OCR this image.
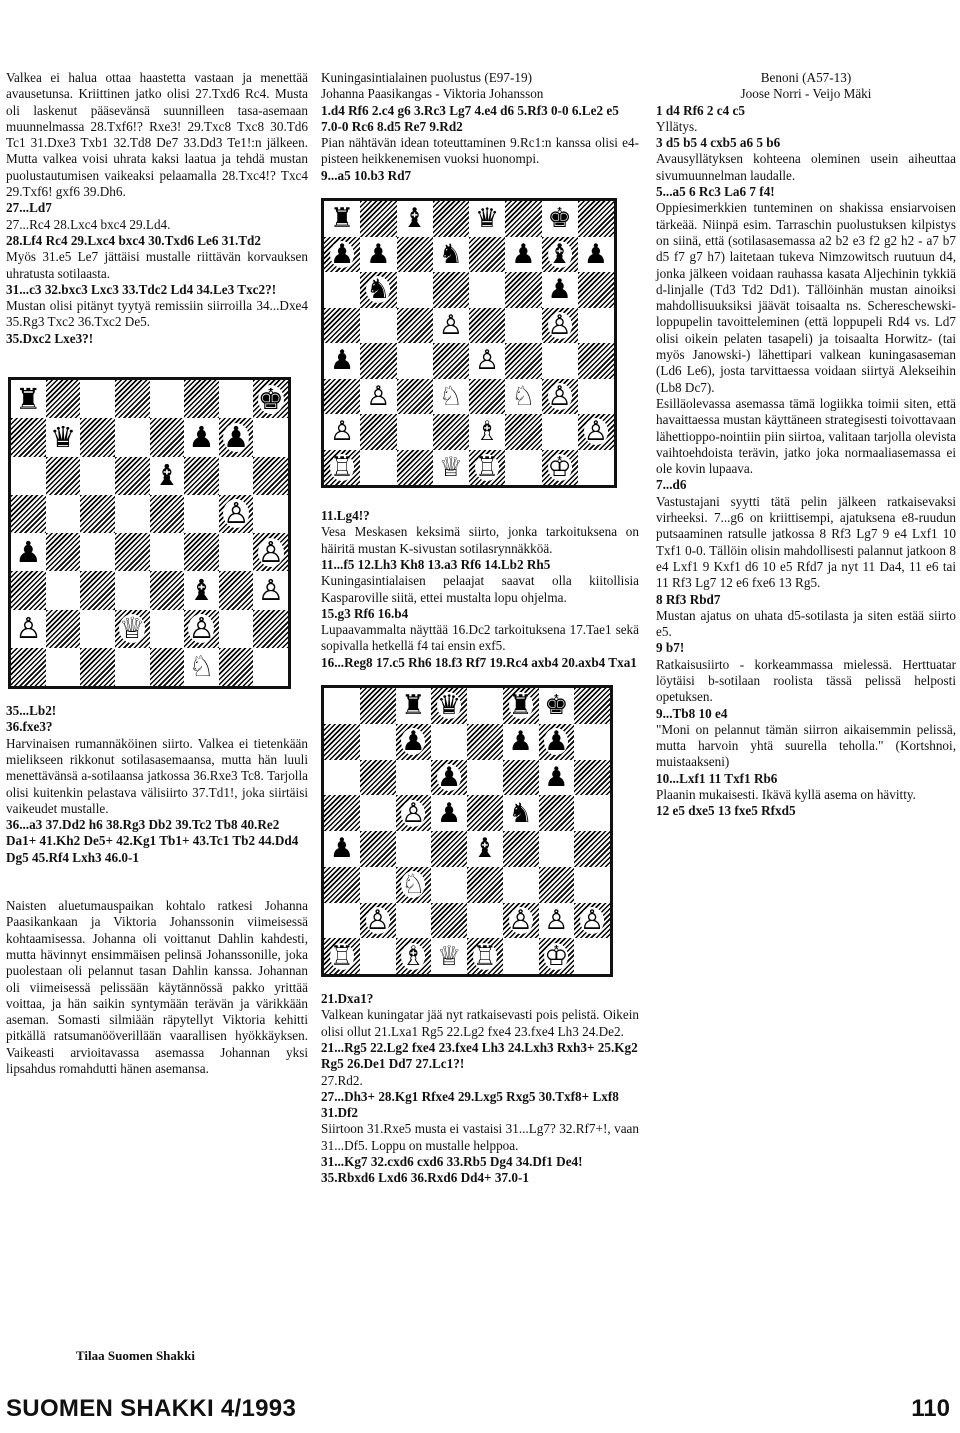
Valkea ei halua ottaa haastetta vastaan ja menettää avausetunsa. Kriittinen jatko olisi 27.Txd6 Rc4. Musta oli laskenut pääsevänsä suunnilleen tasa-asemaan muunnelmassa 28.Txf6!? Rxe3! 29.Txc8 Txc8 30.Td6 Tc1 31.Dxe3 Txb1 32.Td8 De7 33.Dd3 Te1!:n jälkeen. Mutta valkea voisi uhrata kaksi laatua ja tehdä mustan puolustautumisen vaikeaksi pelaamalla 28.Txc4!? Txc4 29.Txf6! gxf6 39.Dh6.

27...Ld7

27...Rc4 28.Lxc4 bxc4 29.Ld4.

28.Lf4 Rc4 29.Lxc4 bxc4 30.Txd6 Le6 31.Td2

Myös 31.e5 Le7 jättäisi mustalle riittävän korvauksen uhratusta sotilaasta.

31...c3 32.bxc3 Lxc3 33.Tdc2 Ld4 34.Le3 Txc2?!

Mustan olisi pitänyt tyytyä remissiin siirroilla 34...Dxe4 35.Rg3 Txc2 36.Txc2 De5.

35.Dxc2 Lxe3?!

♜	♚
♛	♟ ♟
♝
♙
♟	♙
♝ ♙
♙	♕ ♙
♘

35...Lb2!

36.fxe3?

Harvinaisen rumannäköinen siirto. Valkea ei tietenkään mielikseen rikkonut sotilasasemaansa, mutta hän luuli menettävänsä a-sotilaansa jatkossa 36.Rxe3 Tc8. Tarjolla olisi kuitenkin pelastava välisiirto 37.Td1!, joka siirtäisi vaikeudet mustalle.

36...a3 37.Dd2 h6 38.Rg3 Db2 39.Tc2 Tb8 40.Re2 Da1+ 41.Kh2 De5+ 42.Kg1 Tb1+ 43.Tc1 Tb2 44.Dd4 Dg5 45.Rf4 Lxh3 46.0-1

Naisten aluetumauspaikan kohtalo ratkesi Johanna Paasikankaan ja Viktoria Johanssonin viimeisessä kohtaamisessa. Johanna oli voittanut Dahlin kahdesti, mutta hävinnyt ensimmäisen pelinsä Johanssonille, joka puolestaan oli pelannut tasan Dahlin kanssa. Johannan oli viimeisessä pelissään käytännössä pakko yrittää voittaa, ja hän saikin syntymään terävän ja värikkään aseman. Somasti silmiään räpytellyt Viktoria kehitti pitkällä ratsumanööverillään vaarallisen hyökkäyksen. Vaikeasti arvioitavassa asemassa Johannan yksi lipsahdus romahdutti hänen asemansa.

Tilaa Suomen Shakki

Kuningasintialainen puolustus (E97-19)

Johanna Paasikangas - Viktoria Johansson

1.d4 Rf6 2.c4 g6 3.Rc3 Lg7 4.e4 d6 5.Rf3 0-0 6.Le2 e5 7.0-0 Rc6 8.d5 Re7 9.Rd2

Pian nähtävän idean toteuttaminen 9.Rc1:n kanssa olisi e4-pisteen heikkenemisen vuoksi huonompi.

9...a5 10.b3 Rd7

♜ ♝ ♛ ♚
♟ ♟ ♞ ♟ ♝ ♟
♞	♟
♙	♙
♟	♙
♙ ♘ ♘ ♙
♙	♗	♙
♖	♕ ♖ ♔

11.Lg4!?

Vesa Meskasen keksimä siirto, jonka tarkoituksena on häiritä mustan K-sivustan sotilasrynnäkköä.

11...f5 12.Lh3 Kh8 13.a3 Rf6 14.Lb2 Rh5

Kuningasintialaisen pelaajat saavat olla kiitollisia Kasparoville siitä, ettei mustalta lopu ohjelma.

15.g3 Rf6 16.b4

Lupaavammalta näyttää 16.Dc2 tarkoituksena 17.Tae1 sekä sopivalla hetkellä f4 tai ensin exf5.

16...Reg8 17.c5 Rh6 18.f3 Rf7 19.Rc4 axb4 20.axb4 Txa1

♜ ♛ ♜ ♚
♟	♟ ♟
♟	♟
♙ ♟ ♞
♟	♝
♘
♙	♙ ♙ ♙
♖ ♗ ♕ ♖ ♔

21.Dxa1?

Valkean kuningatar jää nyt ratkaisevasti pois pelistä. Oikein olisi ollut 21.Lxa1 Rg5 22.Lg2 fxe4 23.fxe4 Lh3 24.De2.

21...Rg5 22.Lg2 fxe4 23.fxe4 Lh3 24.Lxh3 Rxh3+ 25.Kg2 Rg5 26.De1 Dd7 27.Lc1?!

27.Rd2.

27...Dh3+ 28.Kg1 Rfxe4 29.Lxg5 Rxg5 30.Txf8+ Lxf8 31.Df2

Siirtoon 31.Rxe5 musta ei vastaisi 31...Lg7? 32.Rf7+!, vaan 31...Df5. Loppu on mustalle helppoa.

31...Kg7 32.cxd6 cxd6 33.Rb5 Dg4 34.Df1 De4! 35.Rbxd6 Lxd6 36.Rxd6 Dd4+ 37.0-1

Benoni (A57-13)

Joose Norri - Veijo Mäki

1 d4 Rf6 2 c4 c5

Yllätys.

3 d5 b5 4 cxb5 a6 5 b6

Avausyllätyksen kohteena oleminen usein aiheuttaa sivumuunnelman laudalle.

5...a5 6 Rc3 La6 7 f4!

Oppiesimerkkien tunteminen on shakissa ensiarvoisen tärkeää. Niinpä esim. Tarraschin puolustuksen kilpistys on siinä, että (sotilasasemassa a2 b2 e3 f2 g2 h2 - a7 b7 d5 f7 g7 h7) laitetaan tukeva Nimzowitsch ruutuun d4, jonka jälkeen voidaan rauhassa kasata Aljechinin tykkiä d-linjalle (Td3 Td2 Dd1). Tällöinhän mustan ainoiksi mahdollisuuksiksi jäävät toisaalta ns. Schereschewski-loppupelin tavoitteleminen (että loppupeli Rd4 vs. Ld7 olisi oikein pelaten tasapeli) ja toisaalta Horwitz- (tai myös Janowski-) lähettipari valkean kuningasaseman (Ld6 Le6), josta tarvittaessa voidaan siirtyä Alekseihin (Lb8 Dc7).

Esilläolevassa asemassa tämä logiikka toimii siten, että havaittaessa mustan käyttäneen strategisesti toivottavaan lähettioppo-nointiin piin siirtoa, valitaan tarjolla olevista vaihtoehdoista terävin, jatko joka normaaliasemassa ei ole kovin lupaava.

7...d6

Vastustajani syytti tätä pelin jälkeen ratkaisevaksi virheeksi. 7...g6 on kriittisempi, ajatuksena e8-ruudun putsaaminen ratsulle jatkossa 8 Rf3 Lg7 9 e4 Lxf1 10 Txf1 0-0. Tällöin olisin mahdollisesti palannut jatkoon 8 e4 Lxf1 9 Kxf1 d6 10 e5 Rfd7 ja nyt 11 Da4, 11 e6 tai 11 Rf3 Lg7 12 e6 fxe6 13 Rg5.

8 Rf3 Rbd7

Mustan ajatus on uhata d5-sotilasta ja siten estää siirto e5.

9 b7!

Ratkaisusiirto - korkeammassa mielessä. Herttuatar löytäisi b-sotilaan roolista tässä pelissä helposti opetuksen.

9...Tb8 10 e4

"Moni on pelannut tämän siirron aikaisemmin pelissä, mutta harvoin yhtä suurella teholla." (Kortshnoi, muistaakseni)

10...Lxf1 11 Txf1 Rb6

Plaanin mukaisesti. Ikävä kyllä asema on hävitty.

12 e5 dxe5 13 fxe5 Rfxd5

SUOMEN SHAKKI 4/1993	110
